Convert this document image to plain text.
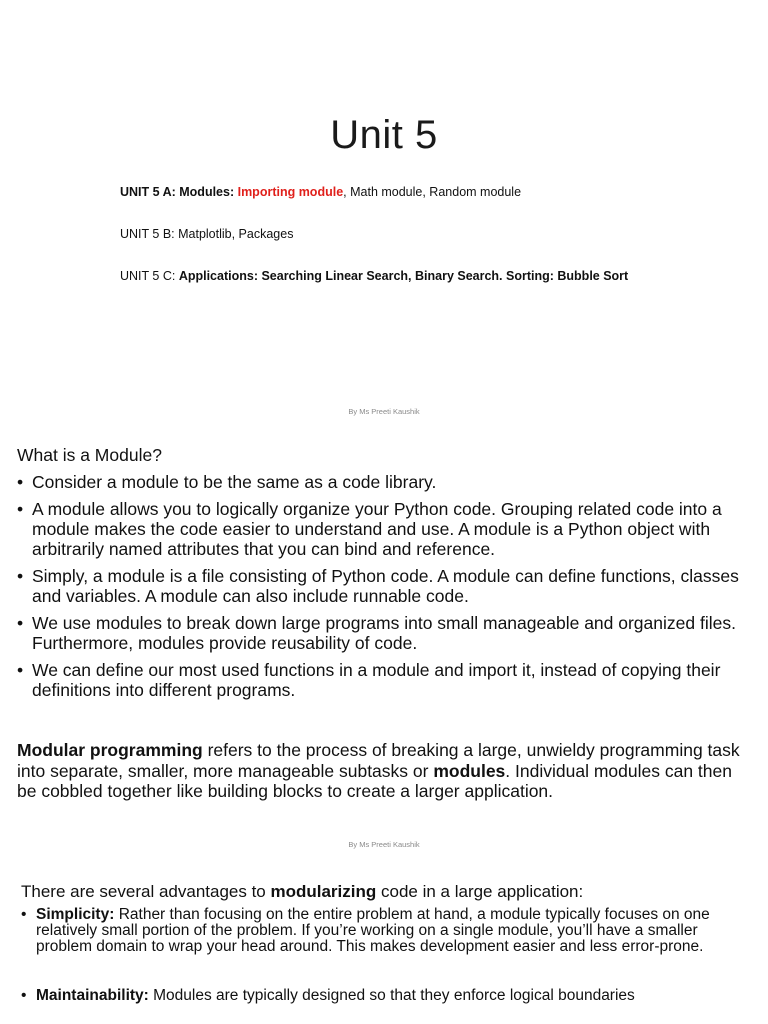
Unit 5
UNIT 5 A: Modules: Importing module, Math module, Random module
UNIT 5 B: Matplotlib, Packages
UNIT 5 C: Applications: Searching Linear Search, Binary Search. Sorting: Bubble Sort
By Ms Preeti Kaushik
What is a Module?
• Consider a module to be the same as a code library.
• A module allows you to logically organize your Python code. Grouping related code into a module makes the code easier to understand and use. A module is a Python object with arbitrarily named attributes that you can bind and reference.
• Simply, a module is a file consisting of Python code. A module can define functions, classes and variables. A module can also include runnable code.
• We use modules to break down large programs into small manageable and organized files. Furthermore, modules provide reusability of code.
• We can define our most used functions in a module and import it, instead of copying their definitions into different programs.
Modular programming refers to the process of breaking a large, unwieldy programming task into separate, smaller, more manageable subtasks or modules. Individual modules can then be cobbled together like building blocks to create a larger application.
By Ms Preeti Kaushik
There are several advantages to modularizing code in a large application:
• Simplicity: Rather than focusing on the entire problem at hand, a module typically focuses on one relatively small portion of the problem. If you’re working on a single module, you’ll have a smaller problem domain to wrap your head around. This makes development easier and less error-prone.
• Maintainability: Modules are typically designed so that they enforce logical boundaries
